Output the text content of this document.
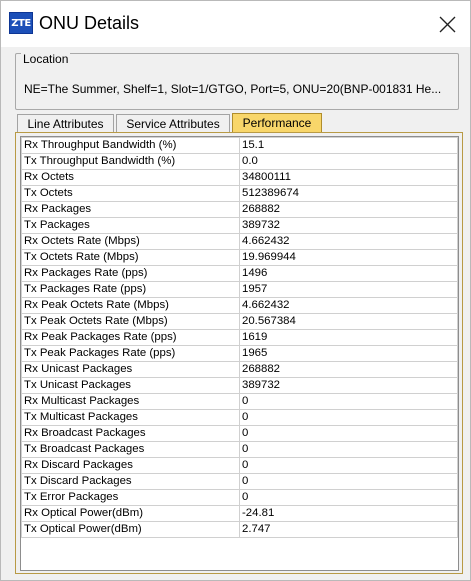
ZTE ONU Details
Location
NE=The Summer, Shelf=1, Slot=1/GTGO, Port=5, ONU=20(BNP-001831 He...
Line Attributes	Service Attributes	Performance
Rx Throughput Bandwidth (%)	15.1
Tx Throughput Bandwidth (%)	0.0
Rx Octets	34800111
Tx Octets	512389674
Rx Packages	268882
Tx Packages	389732
Rx Octets Rate (Mbps)	4.662432
Tx Octets Rate (Mbps)	19.969944
Rx Packages Rate (pps)	1496
Tx Packages Rate (pps)	1957
Rx Peak Octets Rate (Mbps)	4.662432
Tx Peak Octets Rate (Mbps)	20.567384
Rx Peak Packages Rate (pps)	1619
Tx Peak Packages Rate (pps)	1965
Rx Unicast Packages	268882
Tx Unicast Packages	389732
Rx Multicast Packages	0
Tx Multicast Packages	0
Rx Broadcast Packages	0
Tx Broadcast Packages	0
Rx Discard Packages	0
Tx Discard Packages	0
Tx Error Packages	0
Rx Optical Power(dBm)	-24.81
Tx Optical Power(dBm)	2.747
